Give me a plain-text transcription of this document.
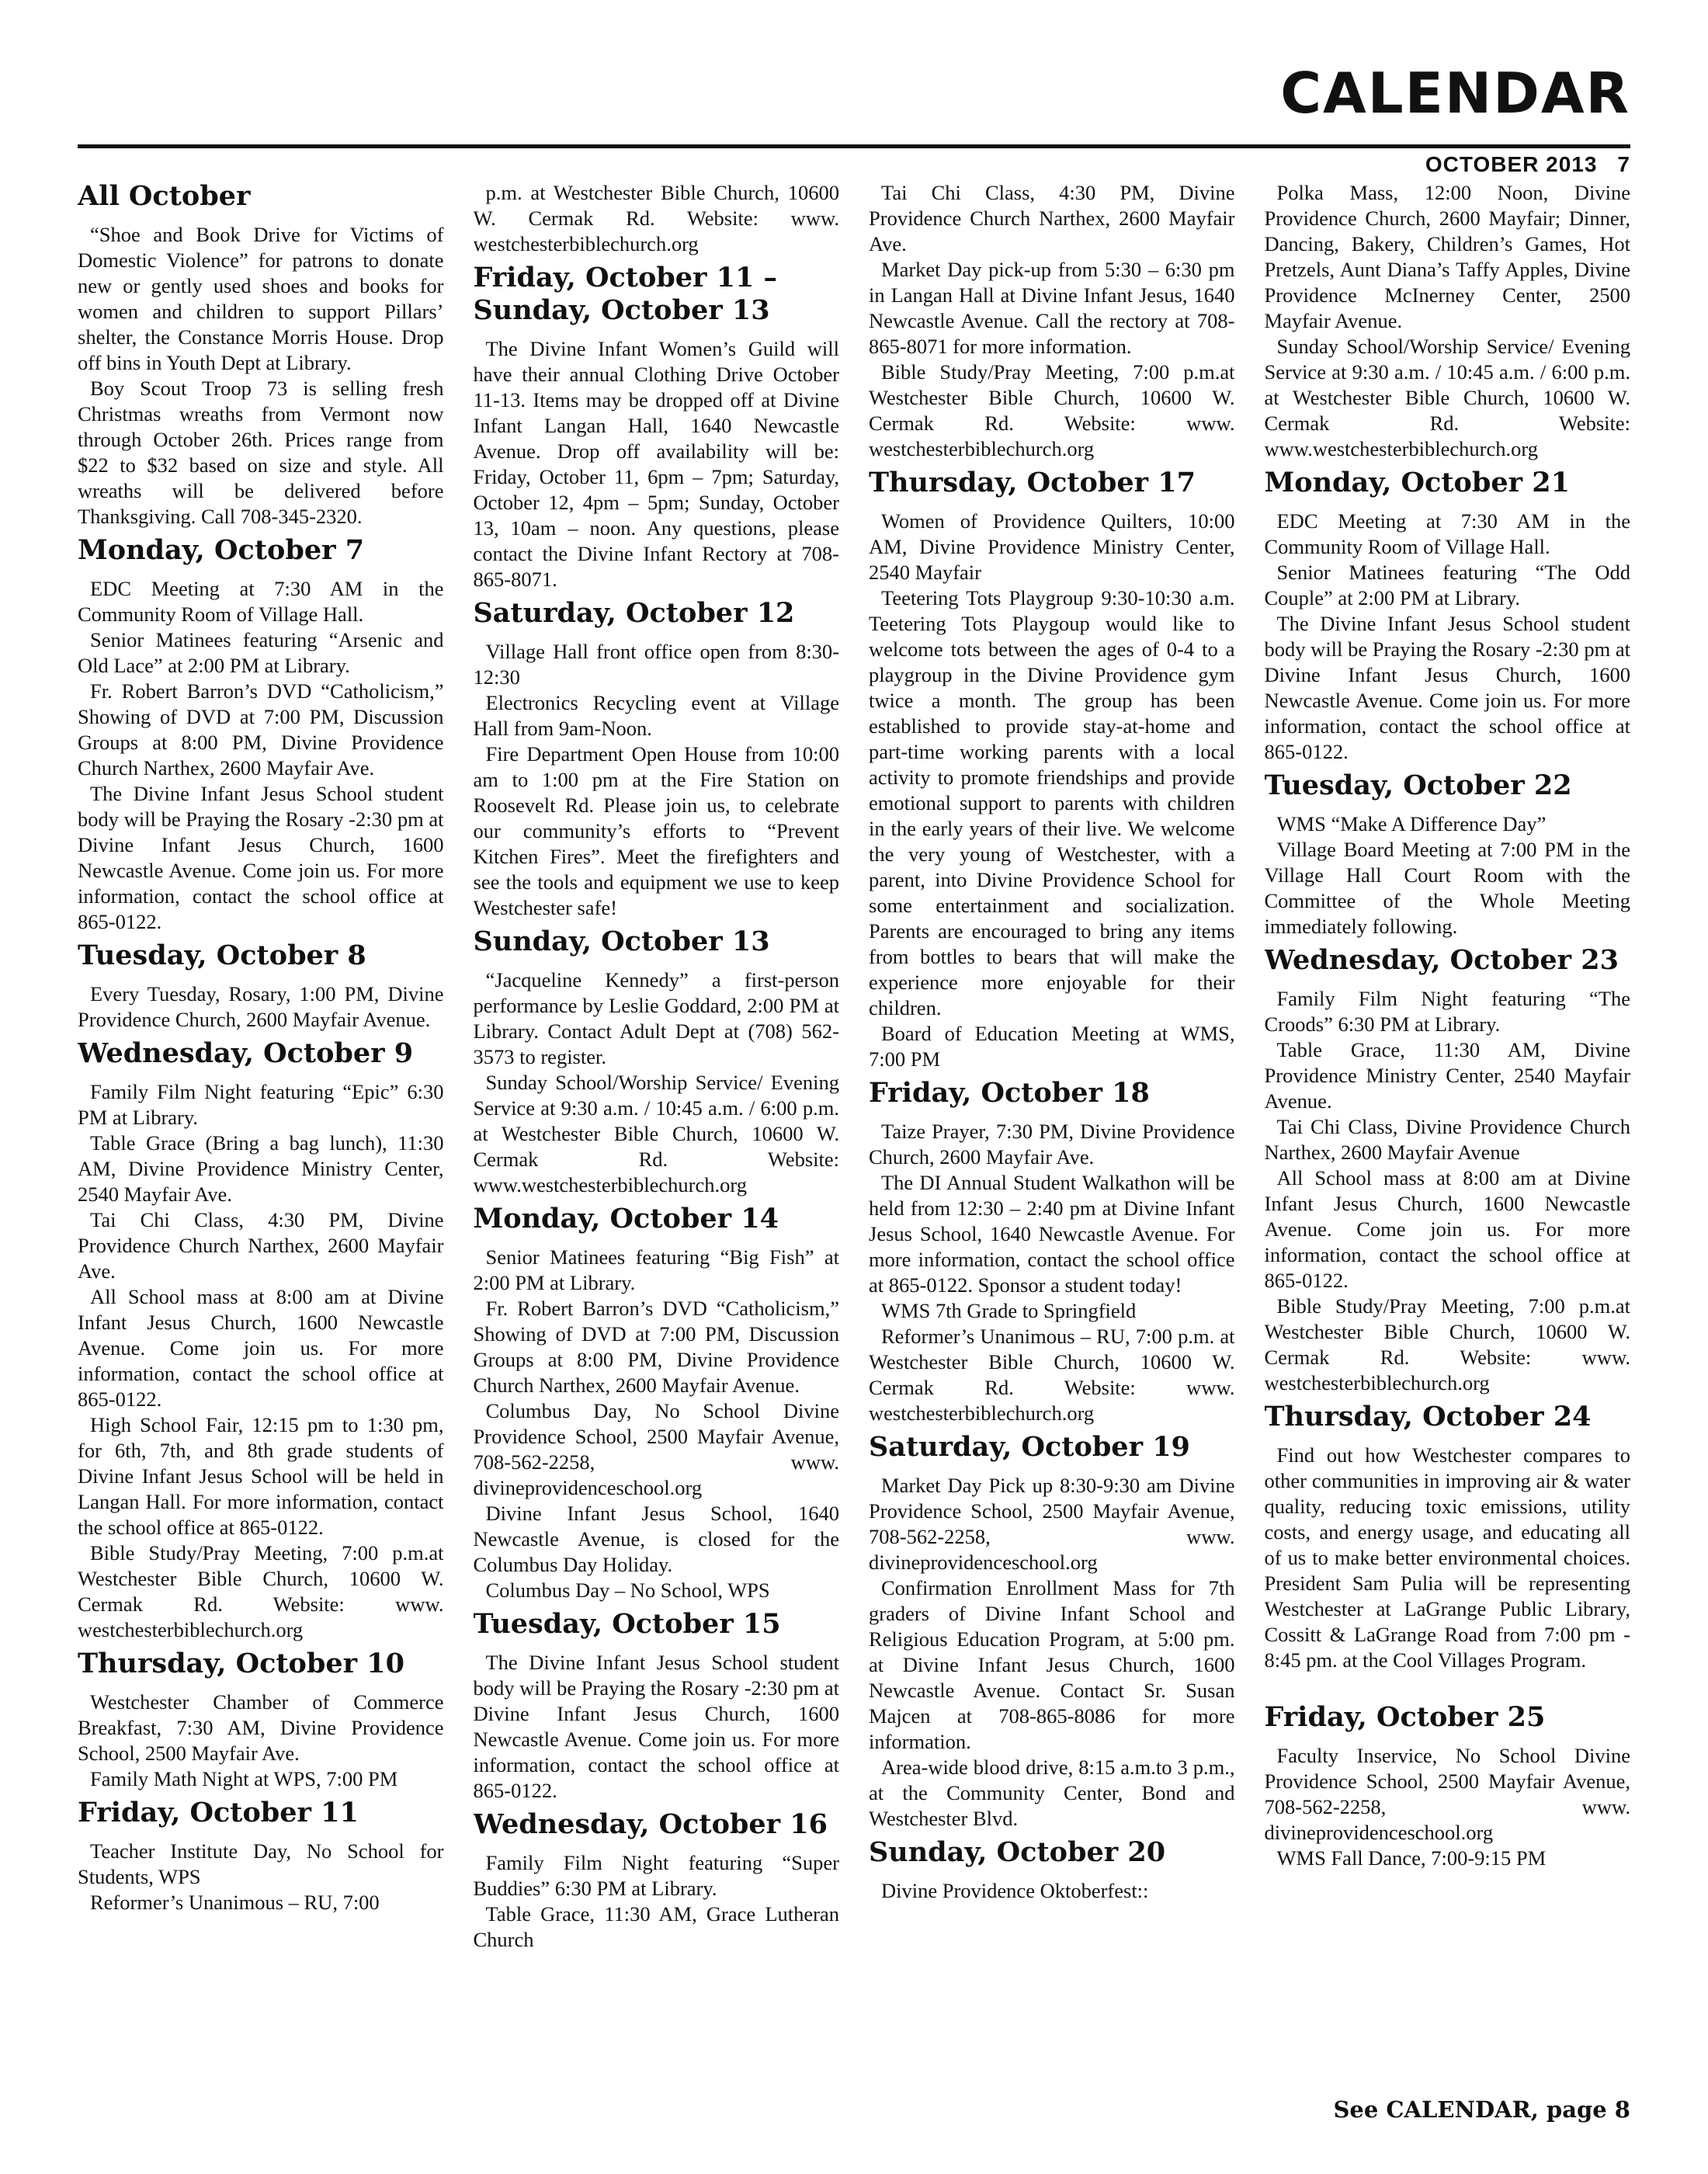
CALENDAR
OCTOBER 2013 7
All October

“Shoe and Book Drive for Victims of Domestic Violence” for patrons to donate new or gently used shoes and books for women and children to support Pillars’ shelter, the Constance Morris House. Drop off bins in Youth Dept at Library.

Boy Scout Troop 73 is selling fresh Christmas wreaths from Vermont now through October 26th. Prices range from $22 to $32 based on size and style. All wreaths will be delivered before Thanksgiving. Call 708-345-2320.

Monday, October 7

EDC Meeting at 7:30 AM in the Community Room of Village Hall.

Senior Matinees featuring “Arsenic and Old Lace” at 2:00 PM at Library.

Fr. Robert Barron’s DVD “Catholicism,” Showing of DVD at 7:00 PM, Discussion Groups at 8:00 PM, Divine Providence Church Narthex, 2600 Mayfair Ave.

The Divine Infant Jesus School student body will be Praying the Rosary -2:30 pm at Divine Infant Jesus Church, 1600 Newcastle Avenue. Come join us. For more information, contact the school office at 865-0122.

Tuesday, October 8

Every Tuesday, Rosary, 1:00 PM, Divine Providence Church, 2600 Mayfair Avenue.

Wednesday, October 9

Family Film Night featuring “Epic” 6:30 PM at Library.

Table Grace (Bring a bag lunch), 11:30 AM, Divine Providence Ministry Center, 2540 Mayfair Ave.

Tai Chi Class, 4:30 PM, Divine Providence Church Narthex, 2600 Mayfair Ave.

All School mass at 8:00 am at Divine Infant Jesus Church, 1600 Newcastle Avenue. Come join us. For more information, contact the school office at 865-0122.

High School Fair, 12:15 pm to 1:30 pm, for 6th, 7th, and 8th grade students of Divine Infant Jesus School will be held in Langan Hall. For more information, contact the school office at 865-0122.

Bible Study/Pray Meeting, 7:00 p.m.at Westchester Bible Church, 10600 W. Cermak Rd. Website: www. westchesterbiblechurch.org

Thursday, October 10

Westchester Chamber of Commerce Breakfast, 7:30 AM, Divine Providence School, 2500 Mayfair Ave.

Family Math Night at WPS, 7:00 PM

Friday, October 11

Teacher Institute Day, No School for Students, WPS

Reformer’s Unanimous – RU, 7:00

p.m. at Westchester Bible Church, 10600 W. Cermak Rd. Website: www. westchesterbiblechurch.org

Friday, October 11 – Sunday, October 13

The Divine Infant Women’s Guild will have their annual Clothing Drive October 11-13. Items may be dropped off at Divine Infant Langan Hall, 1640 Newcastle Avenue. Drop off availability will be: Friday, October 11, 6pm – 7pm; Saturday, October 12, 4pm – 5pm; Sunday, October 13, 10am – noon. Any questions, please contact the Divine Infant Rectory at 708-865-8071.

Saturday, October 12

Village Hall front office open from 8:30-12:30

Electronics Recycling event at Village Hall from 9am-Noon.

Fire Department Open House from 10:00 am to 1:00 pm at the Fire Station on Roosevelt Rd. Please join us, to celebrate our community’s efforts to “Prevent Kitchen Fires”. Meet the firefighters and see the tools and equipment we use to keep Westchester safe!

Sunday, October 13

“Jacqueline Kennedy” a first-person performance by Leslie Goddard, 2:00 PM at Library. Contact Adult Dept at (708) 562-3573 to register.

Sunday School/Worship Service/ Evening Service at 9:30 a.m. / 10:45 a.m. / 6:00 p.m. at Westchester Bible Church, 10600 W. Cermak Rd. Website: www.westchesterbiblechurch.org

Monday, October 14

Senior Matinees featuring “Big Fish” at 2:00 PM at Library.

Fr. Robert Barron’s DVD “Catholicism,” Showing of DVD at 7:00 PM, Discussion Groups at 8:00 PM, Divine Providence Church Narthex, 2600 Mayfair Avenue.

Columbus Day, No School Divine Providence School, 2500 Mayfair Avenue, 708-562-2258, www. divineprovidenceschool.org

Divine Infant Jesus School, 1640 Newcastle Avenue, is closed for the Columbus Day Holiday.

Columbus Day – No School, WPS

Tuesday, October 15

The Divine Infant Jesus School student body will be Praying the Rosary -2:30 pm at Divine Infant Jesus Church, 1600 Newcastle Avenue. Come join us. For more information, contact the school office at 865-0122.

Wednesday, October 16

Family Film Night featuring “Super Buddies” 6:30 PM at Library.

Table Grace, 11:30 AM, Grace Lutheran Church

Tai Chi Class, 4:30 PM, Divine Providence Church Narthex, 2600 Mayfair Ave.

Market Day pick-up from 5:30 – 6:30 pm in Langan Hall at Divine Infant Jesus, 1640 Newcastle Avenue. Call the rectory at 708-865-8071 for more information.

Bible Study/Pray Meeting, 7:00 p.m.at Westchester Bible Church, 10600 W. Cermak Rd. Website: www. westchesterbiblechurch.org

Thursday, October 17

Women of Providence Quilters, 10:00 AM, Divine Providence Ministry Center, 2540 Mayfair

Teetering Tots Playgroup 9:30-10:30 a.m. Teetering Tots Playgoup would like to welcome tots between the ages of 0-4 to a playgroup in the Divine Providence gym twice a month. The group has been established to provide stay-at-home and part-time working parents with a local activity to promote friendships and provide emotional support to parents with children in the early years of their live. We welcome the very young of Westchester, with a parent, into Divine Providence School for some entertainment and socialization. Parents are encouraged to bring any items from bottles to bears that will make the experience more enjoyable for their children.

Board of Education Meeting at WMS, 7:00 PM

Friday, October 18

Taize Prayer, 7:30 PM, Divine Providence Church, 2600 Mayfair Ave.

The DI Annual Student Walkathon will be held from 12:30 – 2:40 pm at Divine Infant Jesus School, 1640 Newcastle Avenue. For more information, contact the school office at 865-0122. Sponsor a student today!

WMS 7th Grade to Springfield

Reformer’s Unanimous – RU, 7:00 p.m. at Westchester Bible Church, 10600 W. Cermak Rd. Website: www. westchesterbiblechurch.org

Saturday, October 19

Market Day Pick up 8:30-9:30 am Divine Providence School, 2500 Mayfair Avenue, 708-562-2258, www. divineprovidenceschool.org

Confirmation Enrollment Mass for 7th graders of Divine Infant School and Religious Education Program, at 5:00 pm. at Divine Infant Jesus Church, 1600 Newcastle Avenue. Contact Sr. Susan Majcen at 708-865-8086 for more information.

Area-wide blood drive, 8:15 a.m.to 3 p.m., at the Community Center, Bond and Westchester Blvd.

Sunday, October 20

Divine Providence Oktoberfest::

Polka Mass, 12:00 Noon, Divine Providence Church, 2600 Mayfair; Dinner, Dancing, Bakery, Children’s Games, Hot Pretzels, Aunt Diana’s Taffy Apples, Divine Providence McInerney Center, 2500 Mayfair Avenue.

Sunday School/Worship Service/ Evening Service at 9:30 a.m. / 10:45 a.m. / 6:00 p.m. at Westchester Bible Church, 10600 W. Cermak Rd. Website: www.westchesterbiblechurch.org

Monday, October 21

EDC Meeting at 7:30 AM in the Community Room of Village Hall.

Senior Matinees featuring “The Odd Couple” at 2:00 PM at Library.

The Divine Infant Jesus School student body will be Praying the Rosary -2:30 pm at Divine Infant Jesus Church, 1600 Newcastle Avenue. Come join us. For more information, contact the school office at 865-0122.

Tuesday, October 22

WMS “Make A Difference Day”

Village Board Meeting at 7:00 PM in the Village Hall Court Room with the Committee of the Whole Meeting immediately following.

Wednesday, October 23

Family Film Night featuring “The Croods” 6:30 PM at Library.

Table Grace, 11:30 AM, Divine Providence Ministry Center, 2540 Mayfair Avenue.

Tai Chi Class, Divine Providence Church Narthex, 2600 Mayfair Avenue

All School mass at 8:00 am at Divine Infant Jesus Church, 1600 Newcastle Avenue. Come join us. For more information, contact the school office at 865-0122.

Bible Study/Pray Meeting, 7:00 p.m.at Westchester Bible Church, 10600 W. Cermak Rd. Website: www. westchesterbiblechurch.org

Thursday, October 24

Find out how Westchester compares to other communities in improving air & water quality, reducing toxic emissions, utility costs, and energy usage, and educating all of us to make better environmental choices. President Sam Pulia will be representing Westchester at LaGrange Public Library, Cossitt & LaGrange Road from 7:00 pm - 8:45 pm. at the Cool Villages Program.

Friday, October 25

Faculty Inservice, No School Divine Providence School, 2500 Mayfair Avenue, 708-562-2258, www. divineprovidenceschool.org

WMS Fall Dance, 7:00-9:15 PM

See CALENDAR, page 8
